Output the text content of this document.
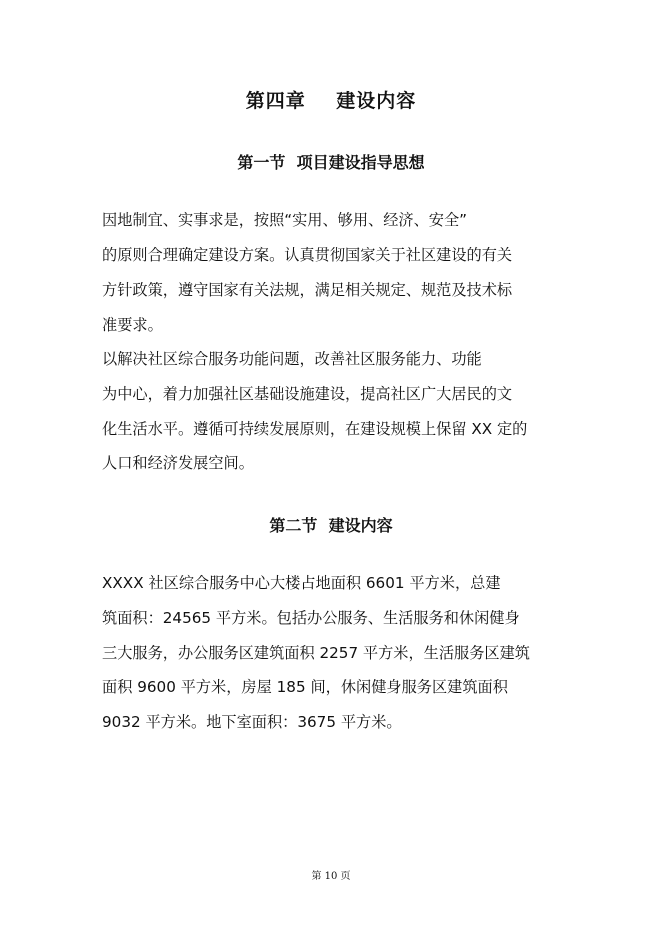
第四章    建设内容
第一节  项目建设指导思想
因地制宜、实事求是，按照“实用、够用、经济、安全”
的原则合理确定建设方案。认真贯彻国家关于社区建设的有关
方针政策，遵守国家有关法规，满足相关规定、规范及技术标
准要求。
以解决社区综合服务功能问题，改善社区服务能力、功能
为中心，着力加强社区基础设施建设，提高社区广大居民的文
化生活水平。遵循可持续发展原则，在建设规模上保留 XX 定的
人口和经济发展空间。
第二节  建设内容
XXXX 社区综合服务中心大楼占地面积 6601 平方米，总建
筑面积：24565 平方米。包括办公服务、生活服务和休闲健身
三大服务，办公服务区建筑面积 2257 平方米，生活服务区建筑
面积 9600 平方米，房屋 185 间，休闲健身服务区建筑面积
9032 平方米。地下室面积：3675 平方米。
第 10 页
